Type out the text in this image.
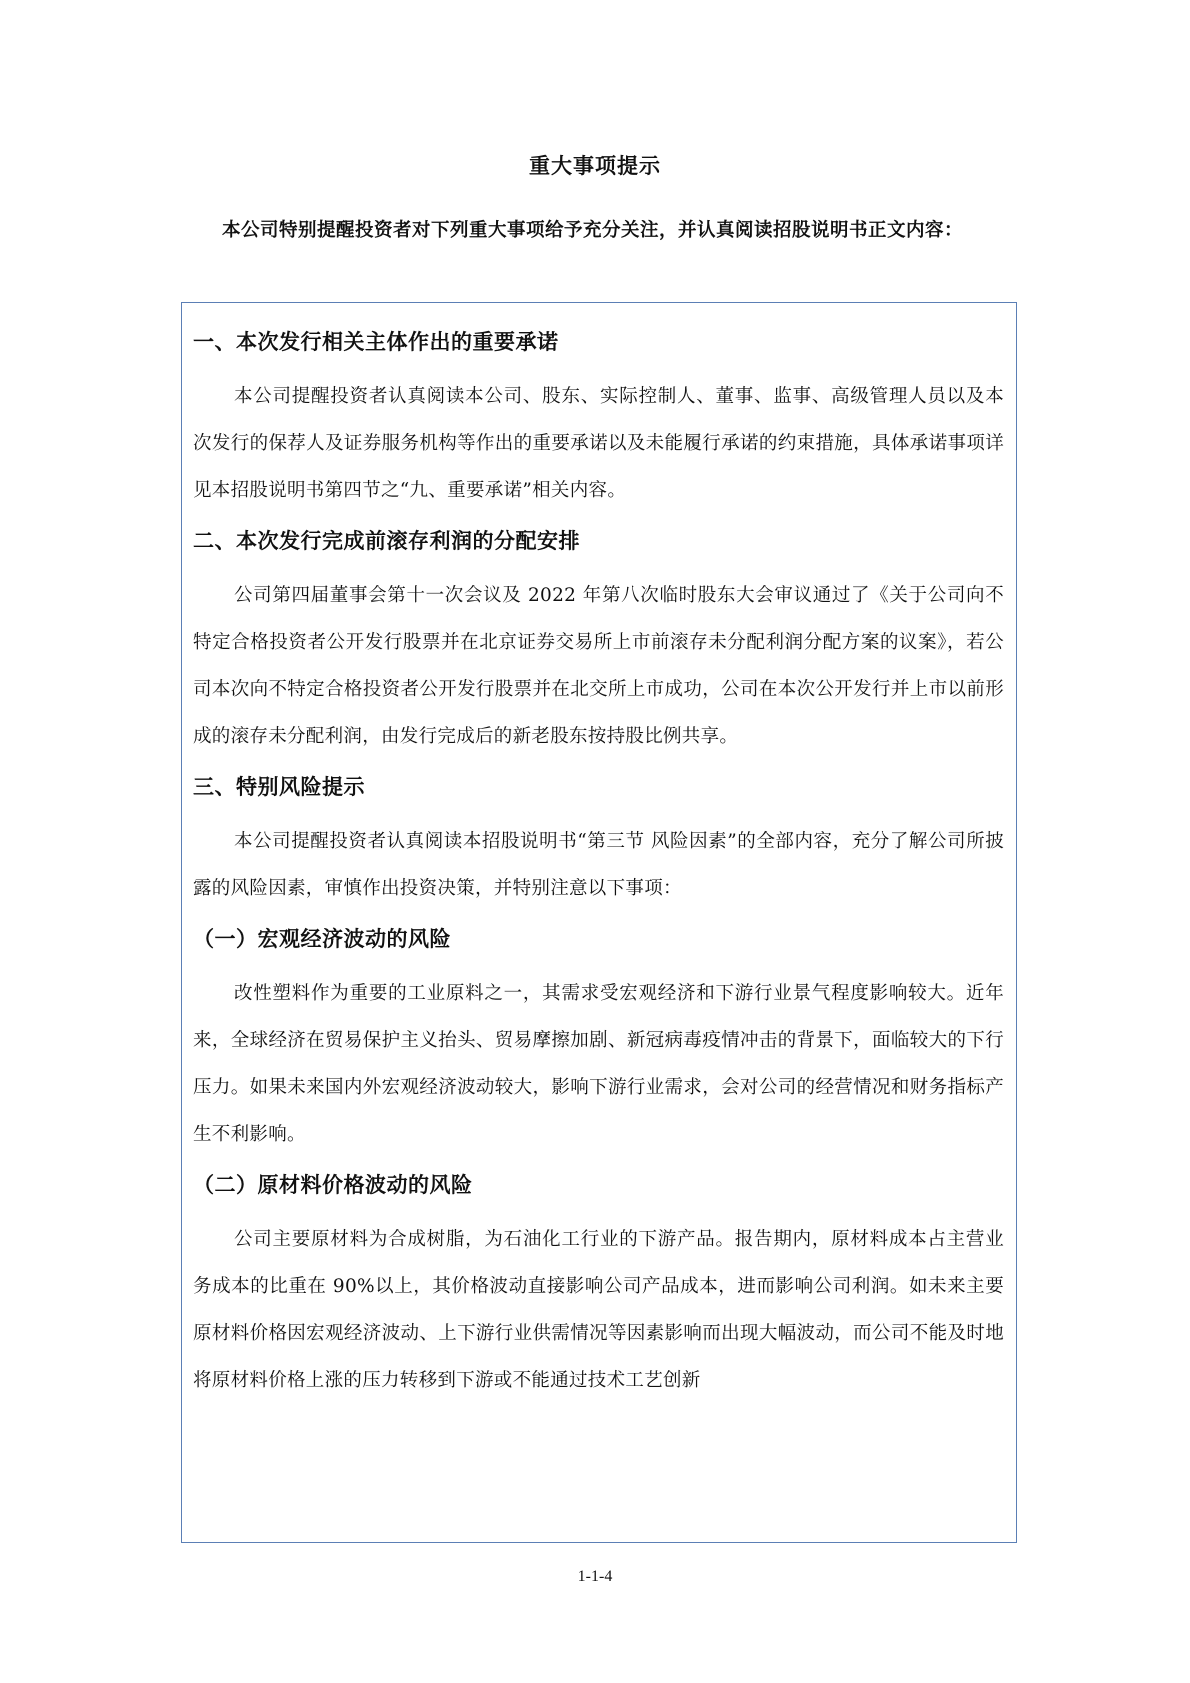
重大事项提示

本公司特别提醒投资者对下列重大事项给予充分关注，并认真阅读招股说明书正文内容：

一、本次发行相关主体作出的重要承诺

本公司提醒投资者认真阅读本公司、股东、实际控制人、董事、监事、高级管理人员以及本次发行的保荐人及证券服务机构等作出的重要承诺以及未能履行承诺的约束措施，具体承诺事项详见本招股说明书第四节之“九、重要承诺”相关内容。

二、本次发行完成前滚存利润的分配安排

公司第四届董事会第十一次会议及 2022 年第八次临时股东大会审议通过了《关于公司向不特定合格投资者公开发行股票并在北京证券交易所上市前滚存未分配利润分配方案的议案》，若公司本次向不特定合格投资者公开发行股票并在北交所上市成功，公司在本次公开发行并上市以前形成的滚存未分配利润，由发行完成后的新老股东按持股比例共享。

三、特别风险提示

本公司提醒投资者认真阅读本招股说明书“第三节 风险因素”的全部内容，充分了解公司所披露的风险因素，审慎作出投资决策，并特别注意以下事项：

（一）宏观经济波动的风险

改性塑料作为重要的工业原料之一，其需求受宏观经济和下游行业景气程度影响较大。近年来，全球经济在贸易保护主义抬头、贸易摩擦加剧、新冠病毒疫情冲击的背景下，面临较大的下行压力。如果未来国内外宏观经济波动较大，影响下游行业需求，会对公司的经营情况和财务指标产生不利影响。

（二）原材料价格波动的风险

公司主要原材料为合成树脂，为石油化工行业的下游产品。报告期内，原材料成本占主营业务成本的比重在 90%以上，其价格波动直接影响公司产品成本，进而影响公司利润。如未来主要原材料价格因宏观经济波动、上下游行业供需情况等因素影响而出现大幅波动，而公司不能及时地将原材料价格上涨的压力转移到下游或不能通过技术工艺创新

1-1-4
